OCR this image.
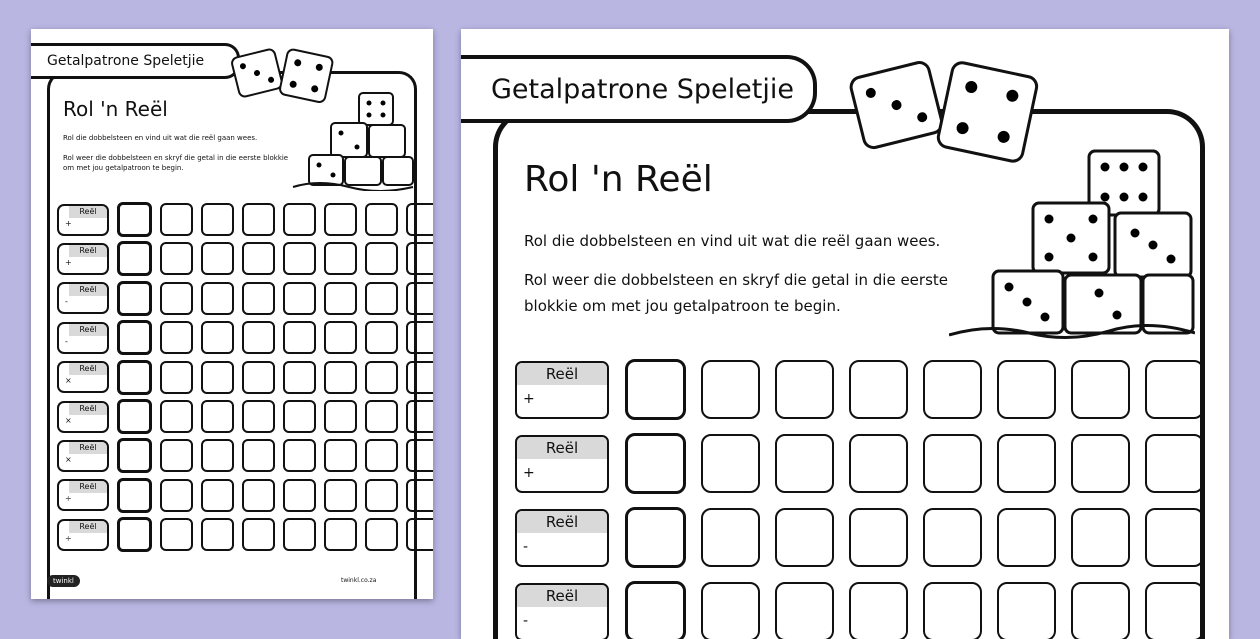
Getalpatrone Speletjie
Rol 'n Reël
Rol die dobbelsteen en vind uit wat die reël gaan wees.
Rol weer die dobbelsteen en skryf die getal in die eerste blokkie om met jou getalpatroon te begin.
Reël
+
Reël
+
Reël
-
Reël
-
Reël
×
Reël
×
Reël
×
Reël
÷
Reël
÷
twinkl	twinkl.co.za
Getalpatrone Speletjie
Rol 'n Reël
Rol die dobbelsteen en vind uit wat die reël gaan wees.
Rol weer die dobbelsteen en skryf die getal in die eerste blokkie om met jou getalpatroon te begin.
Reël
+
Reël
+
Reël
-
Reël
-
